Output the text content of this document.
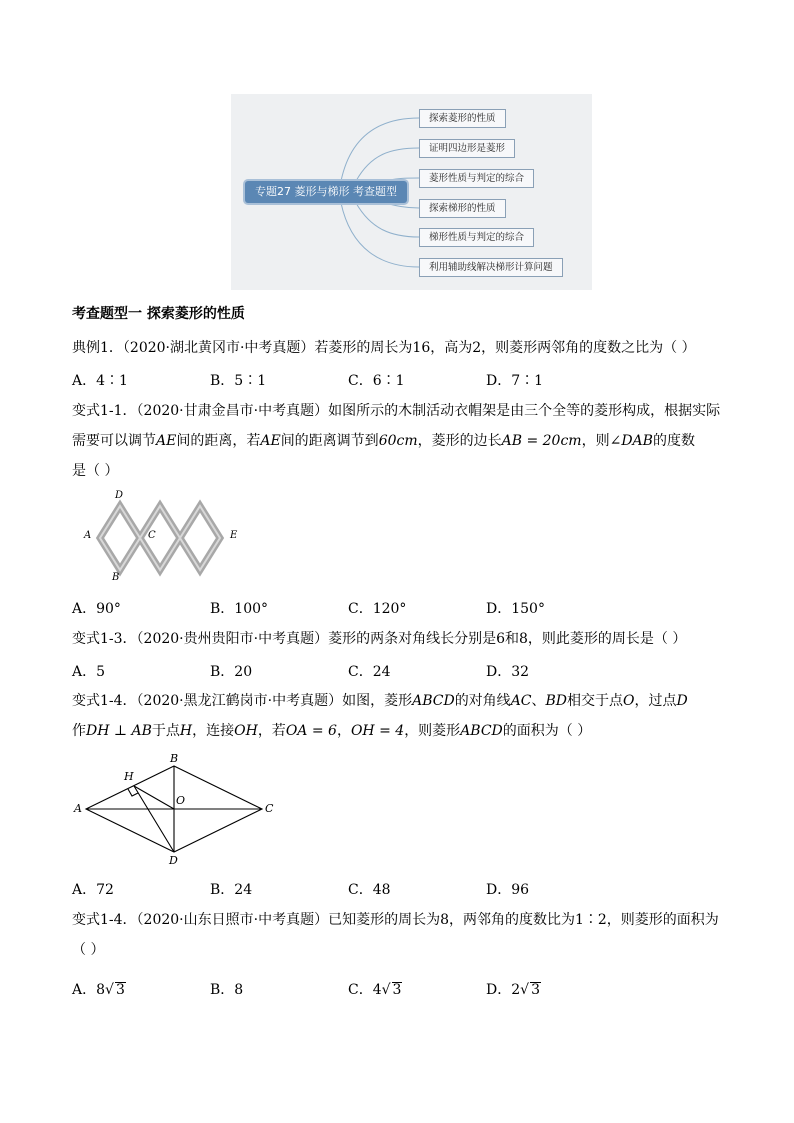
专题27 菱形与梯形 考查题型
探索菱形的性质
证明四边形是菱形
菱形性质与判定的综合
探索梯形的性质
梯形性质与判定的综合
利用辅助线解决梯形计算问题
考查题型一 探索菱形的性质
典例1．（2020·湖北黄冈市·中考真题）若菱形的周长为16，高为2，则菱形两邻角的度数之比为（ ）
A．4∶1	B．5∶1	C．6∶1	D．7∶1
变式1-1．（2020·甘肃金昌市·中考真题）如图所示的木制活动衣帽架是由三个全等的菱形构成，根据实际
需要可以调节AE间的距离，若AE间的距离调节到60cm，菱形的边长AB = 20cm，则∠DAB的度数
是（ ）
D
A	C	E
B
A．90°	B．100°	C．120°	D．150°
变式1-3．（2020·贵州贵阳市·中考真题）菱形的两条对角线长分别是6和8，则此菱形的周长是（ ）
A．5	B．20	C．24	D．32
变式1-4．（2020·黑龙江鹤岗市·中考真题）如图，菱形ABCD的对角线AC、BD相交于点O，过点D
作DH ⊥ AB于点H，连接OH，若OA = 6，OH = 4，则菱形ABCD的面积为（ ）
H
B
A
O
C
D
A．72	B．24	C．48	D．96
变式1-4．（2020·山东日照市·中考真题）已知菱形的周长为8，两邻角的度数比为1∶2，则菱形的面积为
（ ）
A．8√ 3	B．8	C．4√ 3	D．2√ 3
